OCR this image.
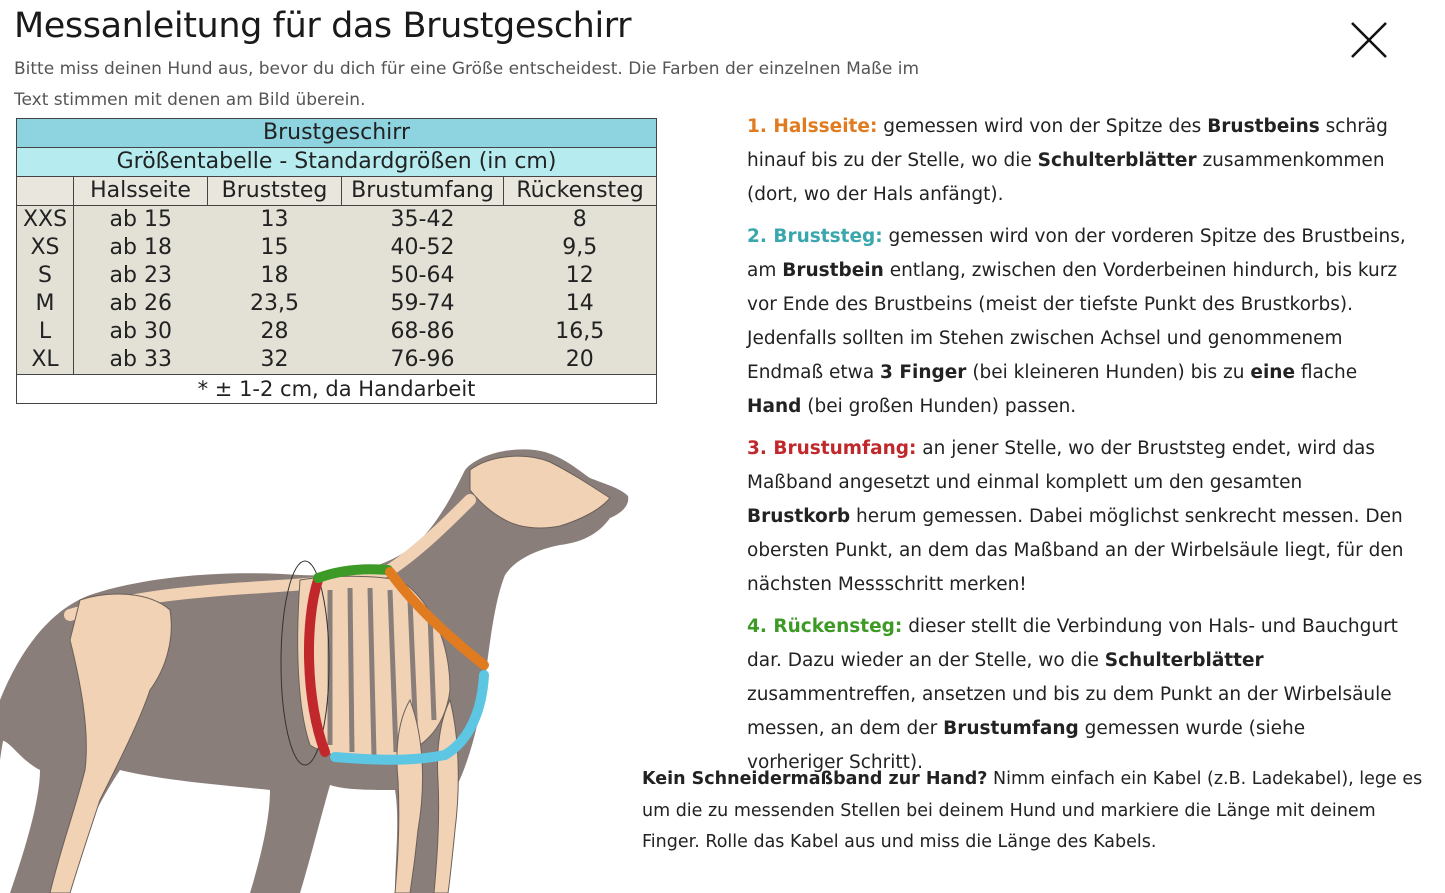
Messanleitung für das Brustgeschirr

Bitte miss deinen Hund aus, bevor du dich für eine Größe entscheidest. Die Farben der einzelnen Maße im Text stimmen mit denen am Bild überein.

Brustgeschirr				
Größentabelle - Standardgrößen (in cm)				
	Halsseite	Bruststeg	Brustumfang	Rückensteg
XXS	ab 15	13	35-42	8
XS	ab 18	15	40-52	9,5
S	ab 23	18	50-64	12
M	ab 26	23,5	59-74	14
L	ab 30	28	68-86	16,5
XL	ab 33	32	76-96	20
* ± 1-2 cm, da Handarbeit				

1. Halsseite: gemessen wird von der Spitze des Brustbeins schräg hinauf bis zu der Stelle, wo die Schulterblätter zusammenkommen (dort, wo der Hals anfängt).

2. Bruststeg: gemessen wird von der vorderen Spitze des Brustbeins, am Brustbein entlang, zwischen den Vorderbeinen hindurch, bis kurz vor Ende des Brustbeins (meist der tiefste Punkt des Brustkorbs). Jedenfalls sollten im Stehen zwischen Achsel und genommenem Endmaß etwa 3 Finger (bei kleineren Hunden) bis zu eine flache Hand (bei großen Hunden) passen.

3. Brustumfang: an jener Stelle, wo der Bruststeg endet, wird das Maßband angesetzt und einmal komplett um den gesamten Brustkorb herum gemessen. Dabei möglichst senkrecht messen. Den obersten Punkt, an dem das Maßband an der Wirbelsäule liegt, für den nächsten Messschritt merken!

4. Rückensteg: dieser stellt die Verbindung von Hals- und Bauchgurt dar. Dazu wieder an der Stelle, wo die Schulterblätter zusammentreffen, ansetzen und bis zu dem Punkt an der Wirbelsäule messen, an dem der Brustumfang gemessen wurde (siehe vorheriger Schritt).

Kein Schneidermaßband zur Hand? Nimm einfach ein Kabel (z.B. Ladekabel), lege es um die zu messenden Stellen bei deinem Hund und markiere die Länge mit deinem Finger. Rolle das Kabel aus und miss die Länge des Kabels.
